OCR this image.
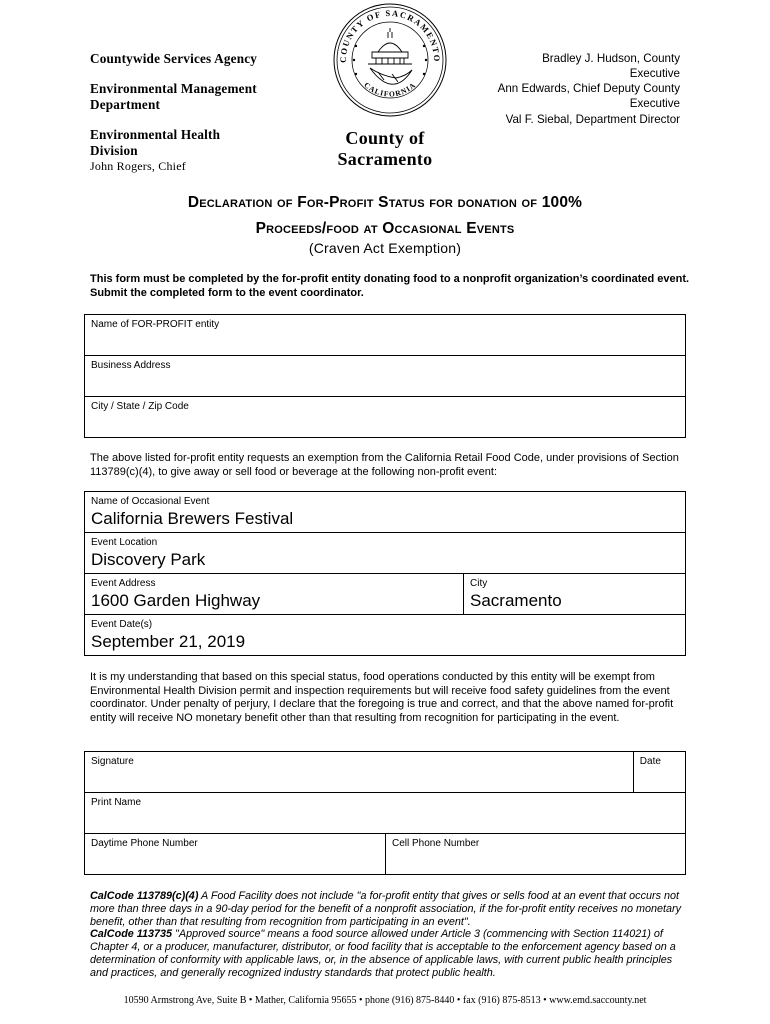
Countywide Services Agency
Environmental Management
Department
Environmental Health
Division
John Rogers, Chief
COUNTY OF SACRAMENTO
CALIFORNIA
County of
Sacramento
Bradley J. Hudson, County
Executive
Ann Edwards, Chief Deputy County
Executive
Val F. Siebal, Department Director
Declaration of For-Profit Status for donation of 100%
Proceeds/food at Occasional Events
(Craven Act Exemption)
This form must be completed by the for-profit entity donating food to a nonprofit organization’s coordinated event. Submit the completed form to the event coordinator.
Name of FOR-PROFIT entity

Business Address

City / State / Zip Code
The above listed for-profit entity requests an exemption from the California Retail Food Code, under provisions of Section 113789(c)(4), to give away or sell food or beverage at the following non-profit event:
Name of Occasional Event
California Brewers Festival

Event Location
Discovery Park

Event Address
1600 Garden Highway

City
Sacramento

Event Date(s)
September 21, 2019
It is my understanding that based on this special status, food operations conducted by this entity will be exempt from Environmental Health Division permit and inspection requirements but will receive food safety guidelines from the event coordinator. Under penalty of perjury, I declare that the foregoing is true and correct, and that the above named for-profit entity will receive NO monetary benefit other than that resulting from recognition for participating in the event.
Signature		Date

Print Name		

Daytime Phone Number	Cell Phone Number	
CalCode 113789(c)(4) A Food Facility does not include "a for-profit entity that gives or sells food at an event that occurs not more than three days in a 90-day period for the benefit of a nonprofit association, if the for-profit entity receives no monetary benefit, other than that resulting from recognition from participating in an event".
CalCode 113735 "Approved source" means a food source allowed under Article 3 (commencing with Section 114021) of Chapter 4, or a producer, manufacturer, distributor, or food facility that is acceptable to the enforcement agency based on a determination of conformity with applicable laws, or, in the absence of applicable laws, with current public health principles and practices, and generally recognized industry standards that protect public health.
10590 Armstrong Ave, Suite B • Mather, California 95655 • phone (916) 875-8440 • fax (916) 875-8513 • www.emd.saccounty.net
